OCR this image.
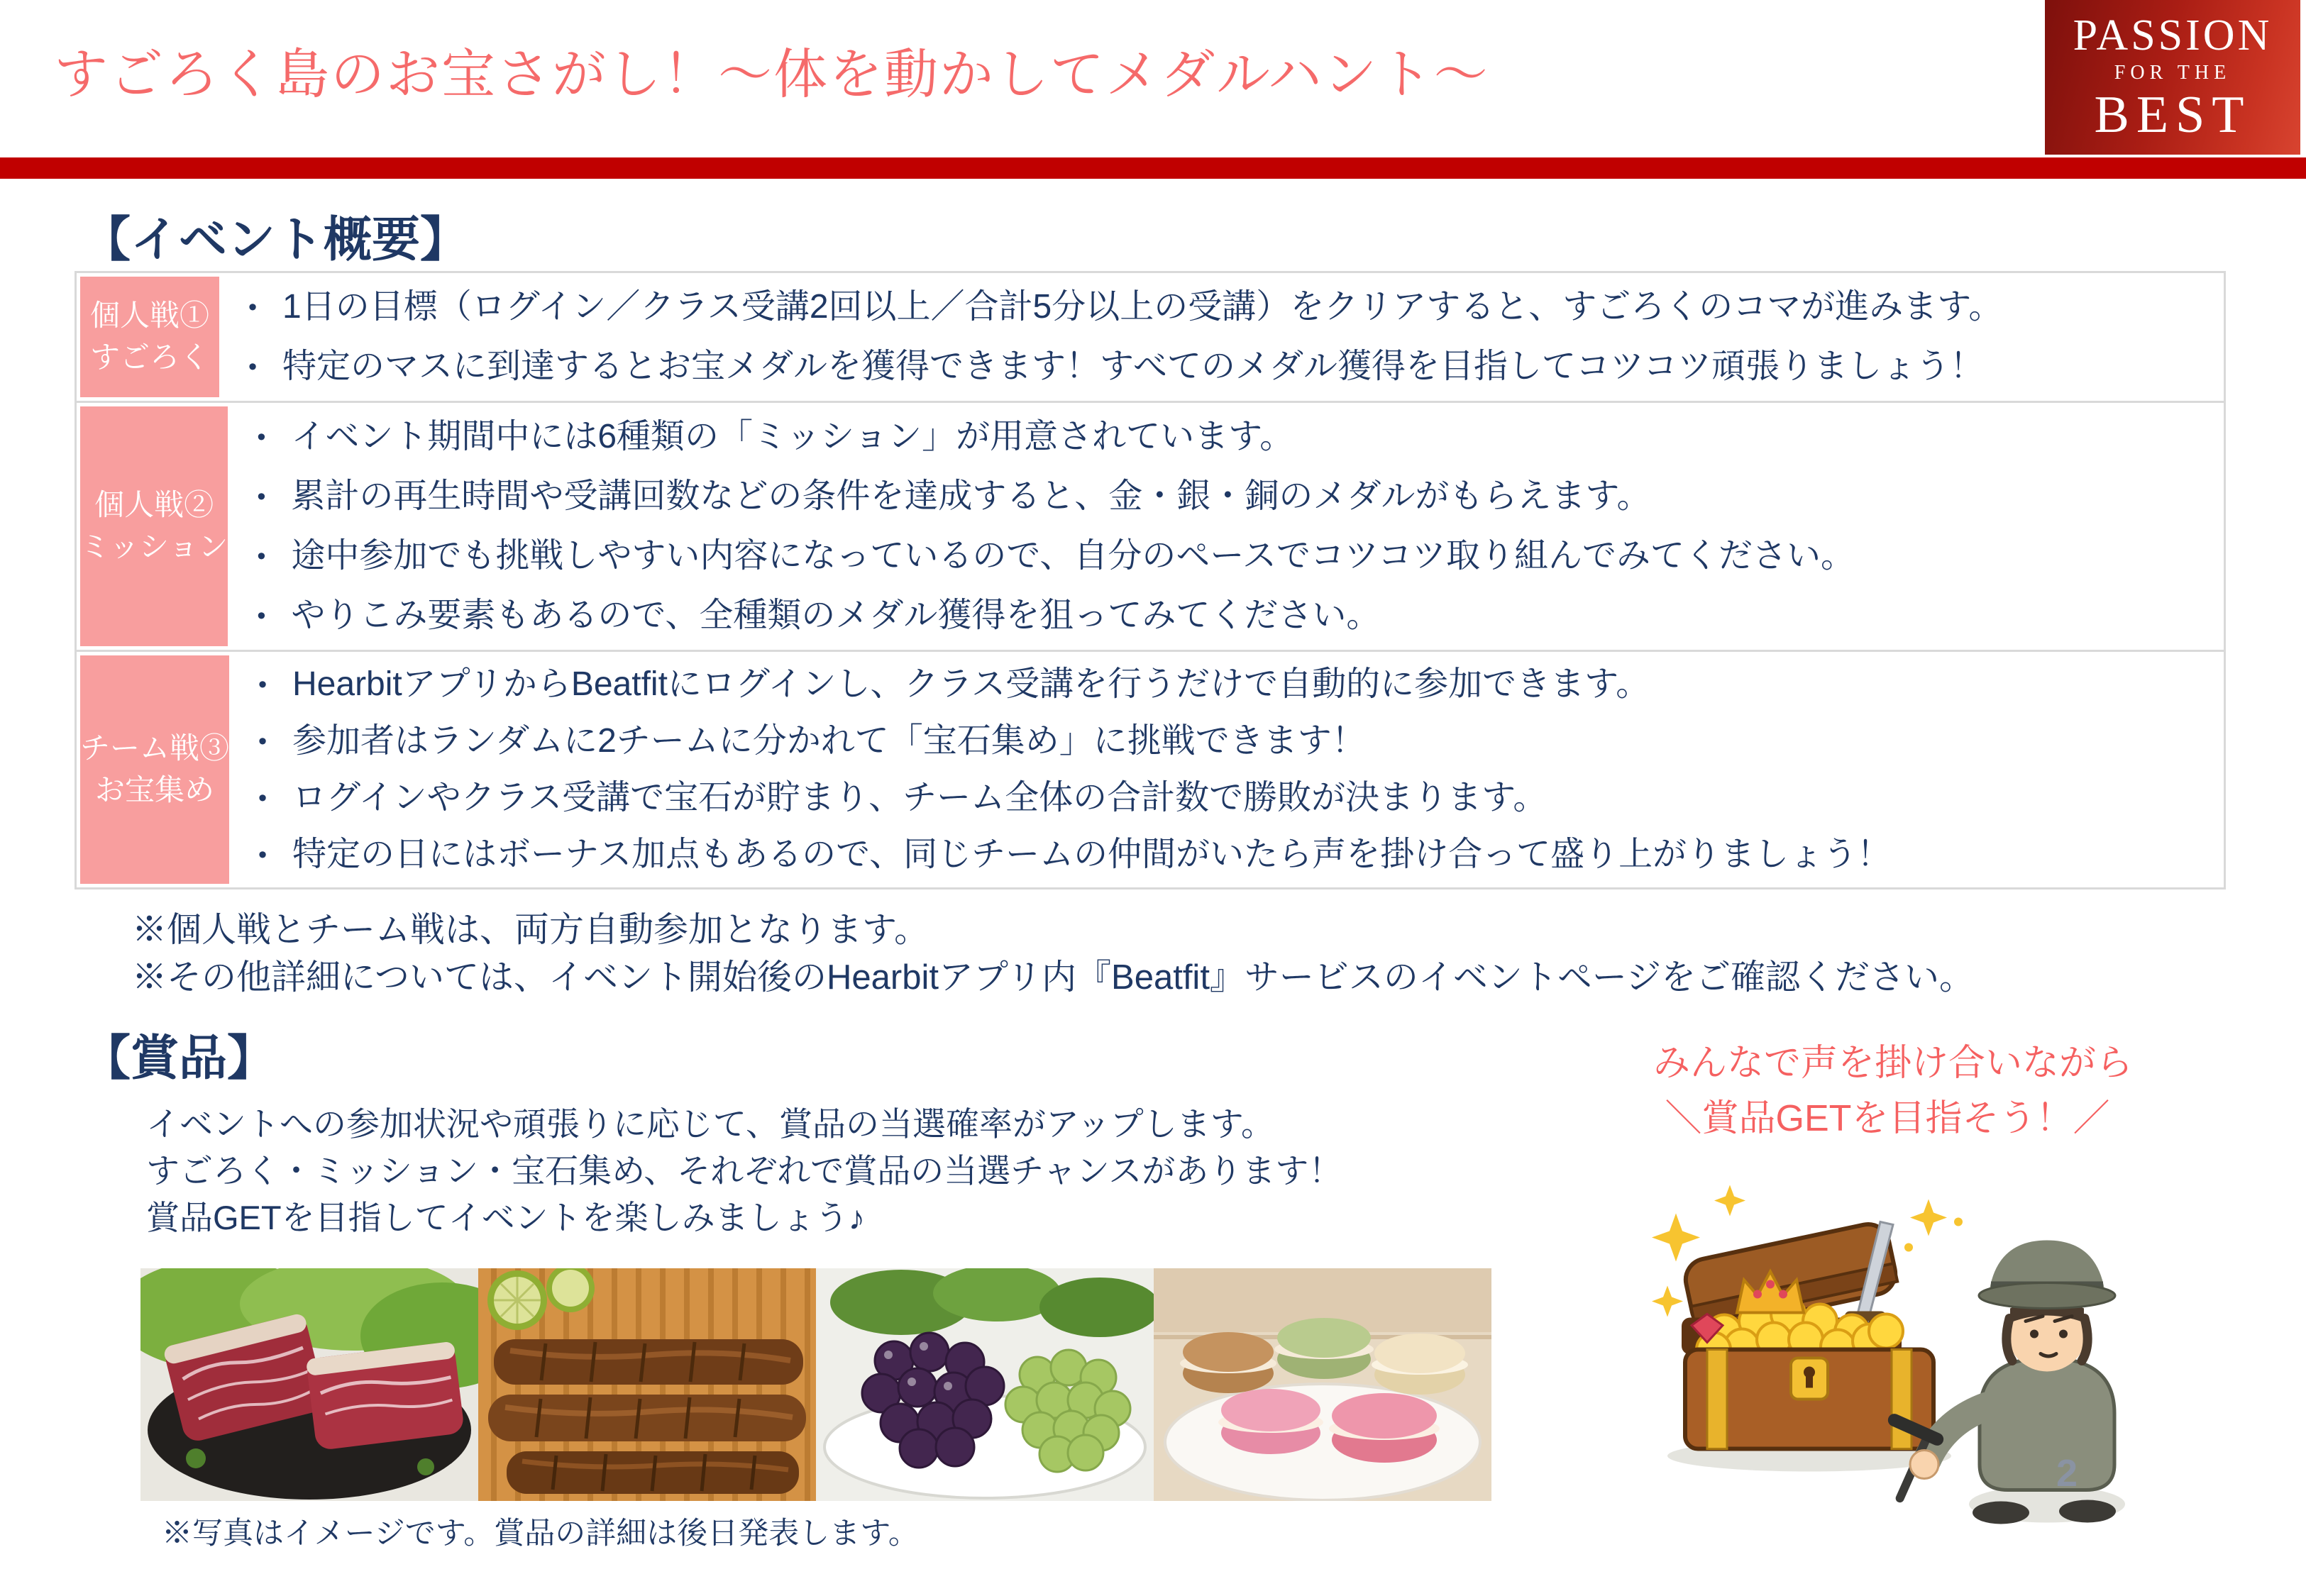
すごろく島のお宝さがし！～体を動かしてメダルハント～
PASSION
FOR THE
BEST
【イベント概要】
個人戦①
すごろく
• 1日の目標（ログイン／クラス受講2回以上／合計5分以上の受講）をクリアすると、すごろくのコマが進みます。
• 特定のマスに到達するとお宝メダルを獲得できます！すべてのメダル獲得を目指してコツコツ頑張りましょう！
個人戦②
ミッション
• イベント期間中には6種類の「ミッション」が用意されています。
• 累計の再生時間や受講回数などの条件を達成すると、金・銀・銅のメダルがもらえます。
• 途中参加でも挑戦しやすい内容になっているので、自分のペースでコツコツ取り組んでみてください。
• やりこみ要素もあるので、全種類のメダル獲得を狙ってみてください。
チーム戦③
お宝集め
• HearbitアプリからBeatfitにログインし、クラス受講を行うだけで自動的に参加できます。
• 参加者はランダムに2チームに分かれて「宝石集め」に挑戦できます！
• ログインやクラス受講で宝石が貯まり、チーム全体の合計数で勝敗が決まります。
• 特定の日にはボーナス加点もあるので、同じチームの仲間がいたら声を掛け合って盛り上がりましょう！
※個人戦とチーム戦は、両方自動参加となります。
※その他詳細については、イベント開始後のHearbitアプリ内『Beatfit』サービスのイベントページをご確認ください。
【賞品】
イベントへの参加状況や頑張りに応じて、賞品の当選確率がアップします。
すごろく・ミッション・宝石集め、それぞれで賞品の当選チャンスがあります！
賞品GETを目指してイベントを楽しみましょう♪
みんなで声を掛け合いながら
＼賞品GETを目指そう！／
※写真はイメージです。賞品の詳細は後日発表します。
2
